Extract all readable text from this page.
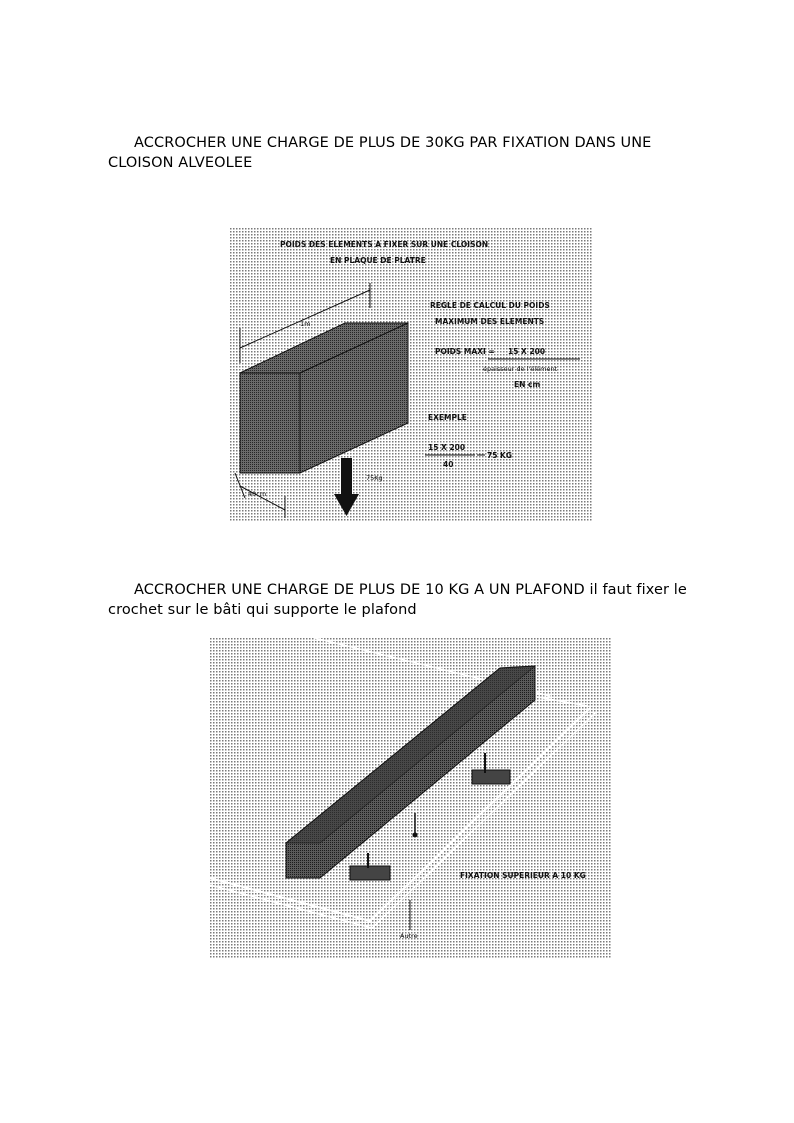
ACCROCHER UNE CHARGE DE PLUS DE 30KG PAR FIXATION DANS UNE CLOISON ALVEOLEE
POIDS DES ELEMENTS A FIXER SUR UNE CLOISON
EN PLAQUE DE PLATRE
1m
40cm
75Kg
REGLE DE CALCUL DU POIDS
MAXIMUM DES ELEMENTS
POIDS MAXI = 15 X 200
épaisseur de l'élément
EN cm
EXEMPLE
15 X 200
40
75 KG
ACCROCHER UNE CHARGE DE PLUS DE 10 KG A UN PLAFOND il faut fixer le crochet sur le bâti qui supporte le plafond
FIXATION SUPERIEUR A 10 KG
Autre
